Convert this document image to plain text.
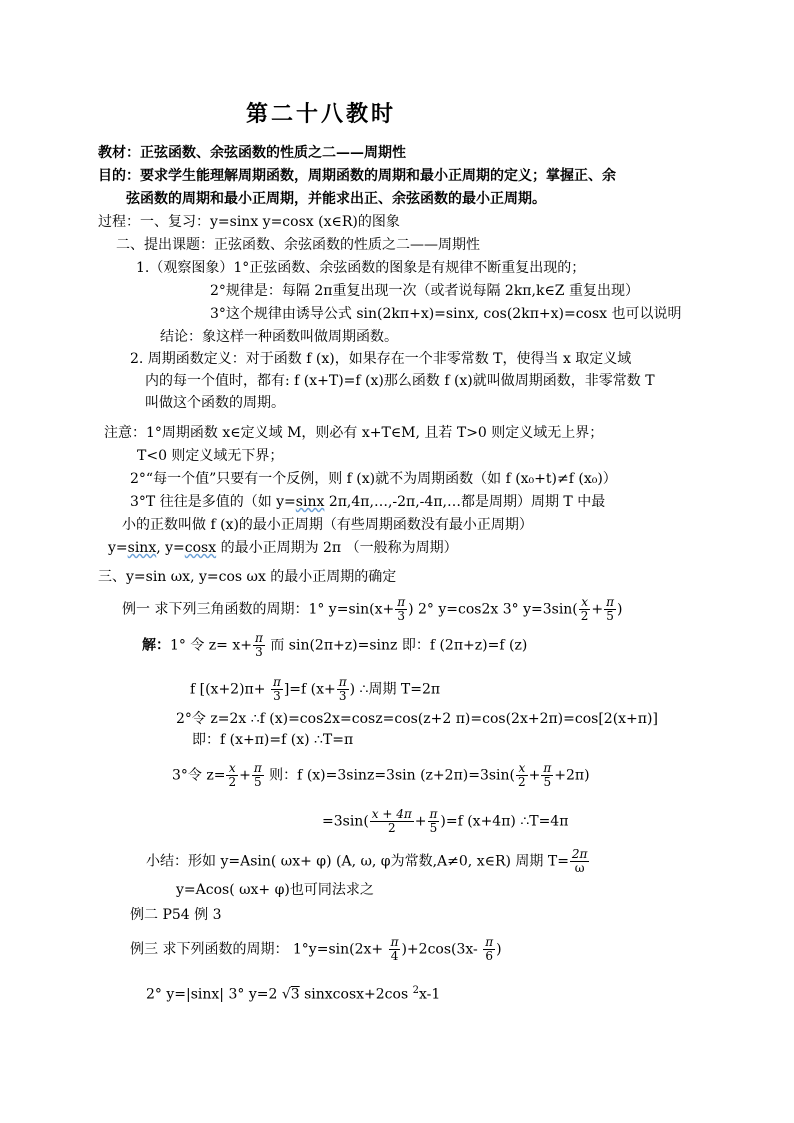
第二十八教时
教材：正弦函数、余弦函数的性质之二——周期性
目的：要求学生能理解周期函数，周期函数的周期和最小正周期的定义；掌握正、余
弦函数的周期和最小正周期，并能求出正、余弦函数的最小正周期。
过程：一、复习：y=sinx y=cosx (x∈R)的图象
二、提出课题：正弦函数、余弦函数的性质之二——周期性
1.（观察图象）1°正弦函数、余弦函数的图象是有规律不断重复出现的；
2°规律是：每隔 2π重复出现一次（或者说每隔 2kπ,k∈Z 重复出现）
3°这个规律由诱导公式 sin(2kπ+x)=sinx, cos(2kπ+x)=cosx 也可以说明
结论：象这样一种函数叫做周期函数。
2. 周期函数定义：对于函数 f (x)，如果存在一个非零常数 T，使得当 x 取定义域
内的每一个值时，都有: f (x+T)=f (x)那么函数 f (x)就叫做周期函数，非零常数 T
叫做这个函数的周期。
注意：1°周期函数 x∈定义域 M，则必有 x+T∈M, 且若 T>0 则定义域无上界；
T<0 则定义域无下界；
2°“每一个值”只要有一个反例，则 f (x)就不为周期函数（如 f (x₀+t)≠f (x₀)）
3°T 往往是多值的（如 y=sinx 2π,4π,…,-2π,-4π,…都是周期）周期 T 中最
小的正数叫做 f (x)的最小正周期（有些周期函数没有最小正周期）
y=sinx, y=cosx 的最小正周期为 2π （一般称为周期）
三、y=sin ωx, y=cos ωx 的最小正周期的确定
例一 求下列三角函数的周期：1° $y=\sin(x+ \frac{\pi}{3}$ ) 2° y=cos2x 3° $y=3\sin( \frac{x}{2} + \frac{\pi}{5}$ )
解：1° 令 $z= x+ \frac{\pi}{3}$ 而 sin(2π+z)=sinz 即：f (2π+z)=f (z)
f $[(x+2)\pi+ \frac{\pi}{3} ]=f$ ($x+ \frac{\pi}{3}$ ) ∴周期 T=2π
2°令 z=2x ∴f (x)=cos2x=cosz=cos(z+2 π)=cos(2x+2π)=cos[2(x+π)]
即：f (x+π)=f (x) ∴T=π
3°令 $z= \frac{x}{2} + \frac{\pi}{5}$ 则：f (x)=3sinz=3sin $(z+2\pi)=3\sin( \frac{x}{2} + \frac{\pi}{5} +2\pi)$
$=3\sin( \frac{x + 4\pi}{2} + \frac{\pi}{5} )=f$ (x+4π) ∴T=4π
小结：形如 y=Asin( ωx+ φ) (A, ω, φ为常数,A≠0, x∈R) 周期 $T= \frac{2\pi}{\omega}$
y=Acos( ωx+ φ)也可同法求之
例二 P54 例 3
例三 求下列函数的周期： $1^\circ y=\sin(2x+ \frac{\pi}{4} )+2\cos(3x- \frac{\pi}{6}$ )
2° y=|sinx| 3° y=2 √3 sinxcosx+2cos $^2$x-1
